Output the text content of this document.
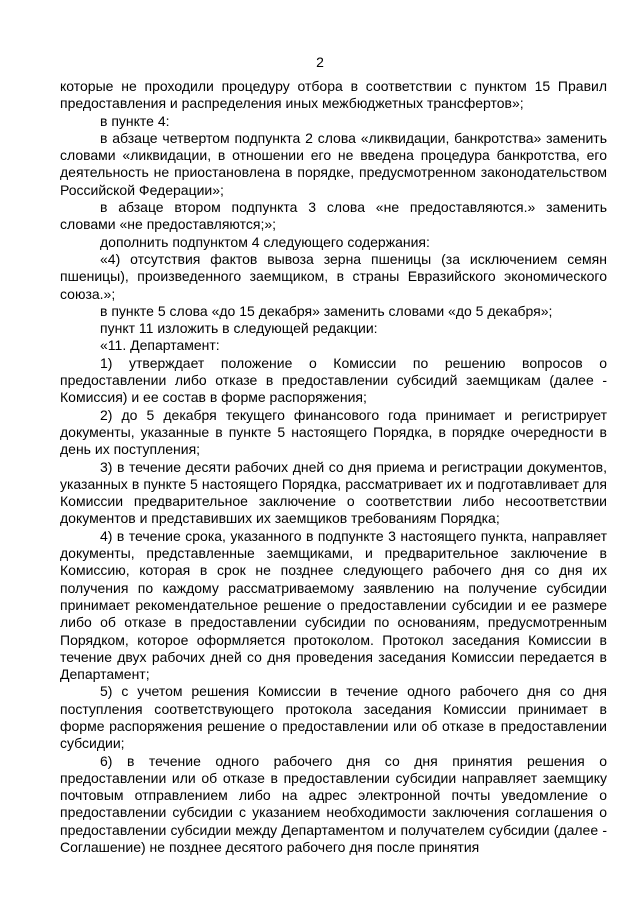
2

которые не проходили процедуру отбора в соответствии с пунктом 15 Правил предоставления и распределения иных межбюджетных трансфертов»;

в пункте 4:

в абзаце четвертом подпункта 2 слова «ликвидации, банкротства» заменить словами «ликвидации, в отношении его не введена процедура банкротства, его деятельность не приостановлена в порядке, предусмотренном законодательством Российской Федерации»;

в абзаце втором подпункта 3 слова «не предоставляются.» заменить словами «не предоставляются;»;

дополнить подпунктом 4 следующего содержания:

«4) отсутствия фактов вывоза зерна пшеницы (за исключением семян пшеницы), произведенного заемщиком, в страны Евразийского экономического союза.»;

в пункте 5 слова «до 15 декабря» заменить словами «до 5 декабря»;

пункт 11 изложить в следующей редакции:

«11. Департамент:

1) утверждает положение о Комиссии по решению вопросов о предоставлении либо отказе в предоставлении субсидий заемщикам (далее - Комиссия) и ее состав в форме распоряжения;

2) до 5 декабря текущего финансового года принимает и регистрирует документы, указанные в пункте 5 настоящего Порядка, в порядке очередности в день их поступления;

3) в течение десяти рабочих дней со дня приема и регистрации документов, указанных в пункте 5 настоящего Порядка, рассматривает их и подготавливает для Комиссии предварительное заключение о соответствии либо несоответствии документов и представивших их заемщиков требованиям Порядка;

4) в течение срока, указанного в подпункте 3 настоящего пункта, направляет документы, представленные заемщиками, и предварительное заключение в Комиссию, которая в срок не позднее следующего рабочего дня со дня их получения по каждому рассматриваемому заявлению на получение субсидии принимает рекомендательное решение о предоставлении субсидии и ее размере либо об отказе в предоставлении субсидии по основаниям, предусмотренным Порядком, которое оформляется протоколом. Протокол заседания Комиссии в течение двух рабочих дней со дня проведения заседания Комиссии передается в Департамент;

5) с учетом решения Комиссии в течение одного рабочего дня со дня поступления соответствующего протокола заседания Комиссии принимает в форме распоряжения решение о предоставлении или об отказе в предоставлении субсидии;

6) в течение одного рабочего дня со дня принятия решения о предоставлении или об отказе в предоставлении субсидии направляет заемщику почтовым отправлением либо на адрес электронной почты уведомление о предоставлении субсидии с указанием необходимости заключения соглашения о предоставлении субсидии между Департаментом и получателем субсидии (далее - Соглашение) не позднее десятого рабочего дня после принятия
